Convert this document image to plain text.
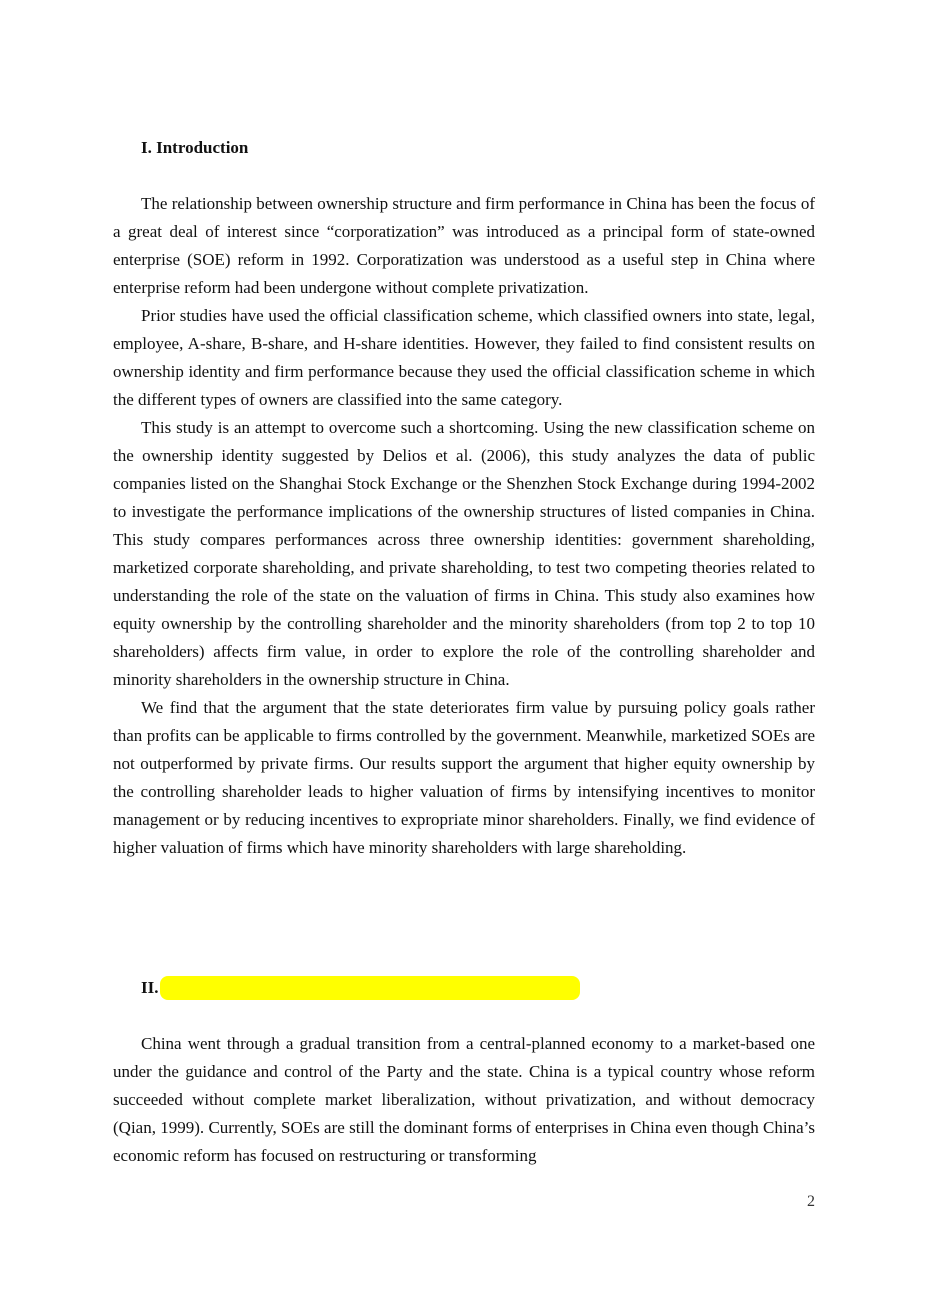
I. Introduction

The relationship between ownership structure and firm performance in China has been the focus of a great deal of interest since “corporatization” was introduced as a principal form of state-owned enterprise (SOE) reform in 1992. Corporatization was understood as a useful step in China where enterprise reform had been undergone without complete privatization.

Prior studies have used the official classification scheme, which classified owners into state, legal, employee, A-share, B-share, and H-share identities. However, they failed to find consistent results on ownership identity and firm performance because they used the official classification scheme in which the different types of owners are classified into the same category.

This study is an attempt to overcome such a shortcoming. Using the new classification scheme on the ownership identity suggested by Delios et al. (2006), this study analyzes the data of public companies listed on the Shanghai Stock Exchange or the Shenzhen Stock Exchange during 1994-2002 to investigate the performance implications of the ownership structures of listed companies in China. This study compares performances across three ownership identities: government shareholding, marketized corporate shareholding, and private shareholding, to test two competing theories related to understanding the role of the state on the valuation of firms in China. This study also examines how equity ownership by the controlling shareholder and the minority shareholders (from top 2 to top 10 shareholders) affects firm value, in order to explore the role of the controlling shareholder and minority shareholders in the ownership structure in China.

We find that the argument that the state deteriorates firm value by pursuing policy goals rather than profits can be applicable to firms controlled by the government. Meanwhile, marketized SOEs are not outperformed by private firms. Our results support the argument that higher equity ownership by the controlling shareholder leads to higher valuation of firms by intensifying incentives to monitor management or by reducing incentives to expropriate minor shareholders. Finally, we find evidence of higher valuation of firms which have minority shareholders with large shareholding.

II.

China went through a gradual transition from a central-planned economy to a market-based one under the guidance and control of the Party and the state. China is a typical country whose reform succeeded without complete market liberalization, without privatization, and without democracy (Qian, 1999). Currently, SOEs are still the dominant forms of enterprises in China even though China’s economic reform has focused on restructuring or transforming

2
